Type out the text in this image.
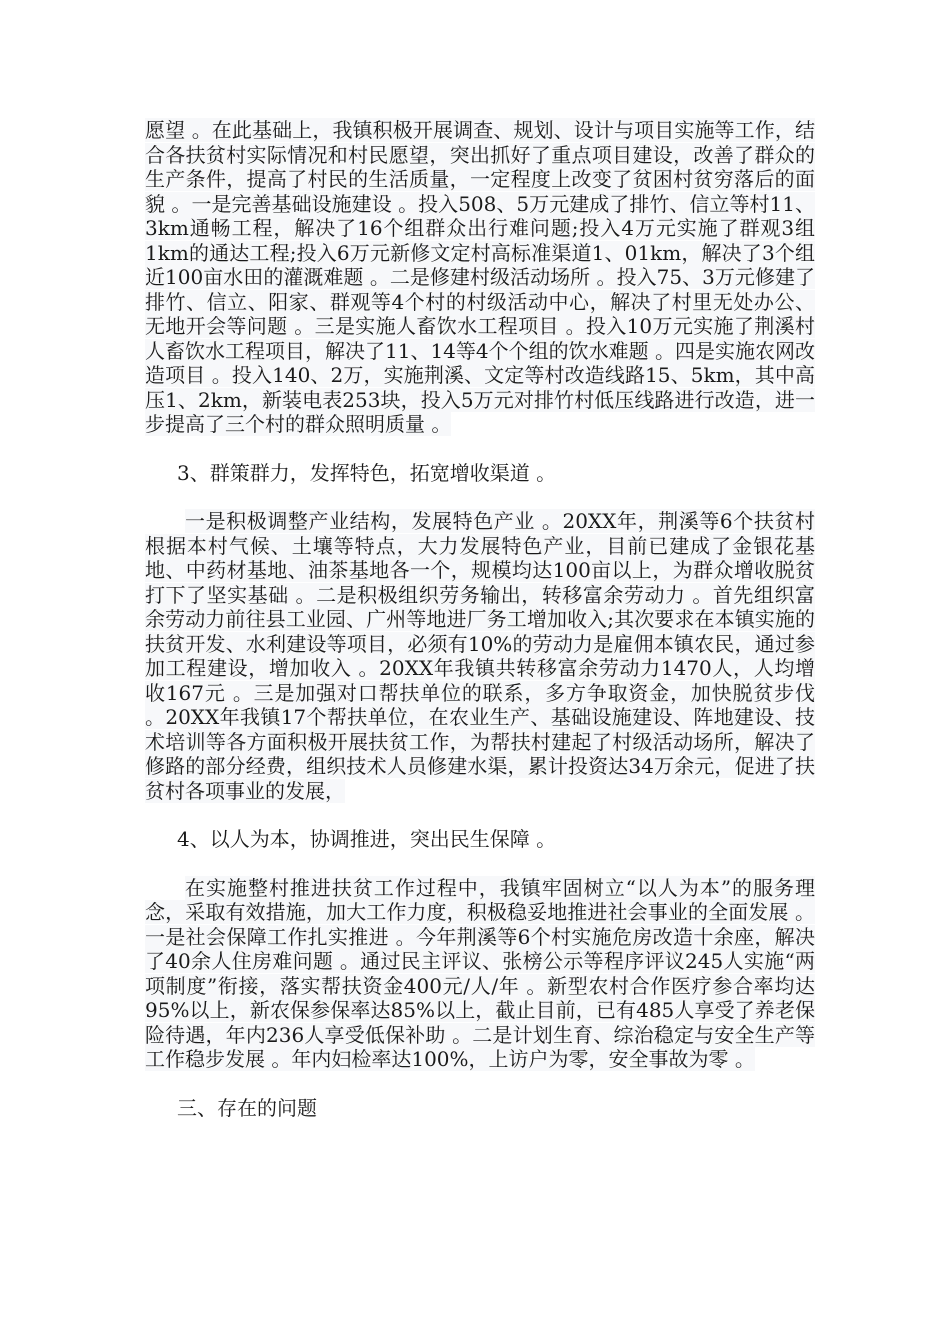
愿望 。在此基础上，我镇积极开展调查、规划、设计与项目实施等工作，结合各扶贫村实际情况和村民愿望，突出抓好了重点项目建设，改善了群众的生产条件，提高了村民的生活质量，一定程度上改变了贫困村贫穷落后的面貌 。一是完善基础设施建设 。投入508、5万元建成了排竹、信立等村11、3km通畅工程，解决了16个组群众出行难问题;投入4万元实施了群观3组1km的通达工程;投入6万元新修文定村高标准渠道1、01km，解决了3个组近100亩水田的灌溉难题 。二是修建村级活动场所 。投入75、3万元修建了排竹、信立、阳家、群观等4个村的村级活动中心，解决了村里无处办公、无地开会等问题 。三是实施人畜饮水工程项目 。投入10万元实施了荆溪村人畜饮水工程项目，解决了11、14等4个个组的饮水难题 。四是实施农网改造项目 。投入140、2万，实施荆溪、文定等村改造线路15、5km，其中高压1、2km，新装电表253块，投入5万元对排竹村低压线路进行改造，进一步提高了三个村的群众照明质量 。

3、群策群力，发挥特色，拓宽增收渠道 。

一是积极调整产业结构，发展特色产业 。20XX年，荆溪等6个扶贫村根据本村气候、土壤等特点，大力发展特色产业，目前已建成了金银花基地、中药材基地、油茶基地各一个，规模均达100亩以上，为群众增收脱贫打下了坚实基础 。二是积极组织劳务输出，转移富余劳动力 。首先组织富余劳动力前往县工业园、广州等地进厂务工增加收入;其次要求在本镇实施的扶贫开发、水利建设等项目，必须有10%的劳动力是雇佣本镇农民，通过参加工程建设，增加收入 。20XX年我镇共转移富余劳动力1470人，人均增收167元 。三是加强对口帮扶单位的联系，多方争取资金，加快脱贫步伐 。20XX年我镇17个帮扶单位，在农业生产、基础设施建设、阵地建设、技术培训等各方面积极开展扶贫工作，为帮扶村建起了村级活动场所，解决了修路的部分经费，组织技术人员修建水渠，累计投资达34万余元，促进了扶贫村各项事业的发展，

4、以人为本，协调推进，突出民生保障 。

在实施整村推进扶贫工作过程中，我镇牢固树立“以人为本”的服务理念，采取有效措施，加大工作力度，积极稳妥地推进社会事业的全面发展 。一是社会保障工作扎实推进 。今年荆溪等6个村实施危房改造十余座，解决了40余人住房难问题 。通过民主评议、张榜公示等程序评议245人实施“两项制度”衔接，落实帮扶资金400元/人/年 。新型农村合作医疗参合率均达95%以上，新农保参保率达85%以上，截止目前，已有485人享受了养老保险待遇，年内236人享受低保补助 。二是计划生育、综治稳定与安全生产等工作稳步发展 。年内妇检率达100%，上访户为零，安全事故为零 。

三、存在的问题
